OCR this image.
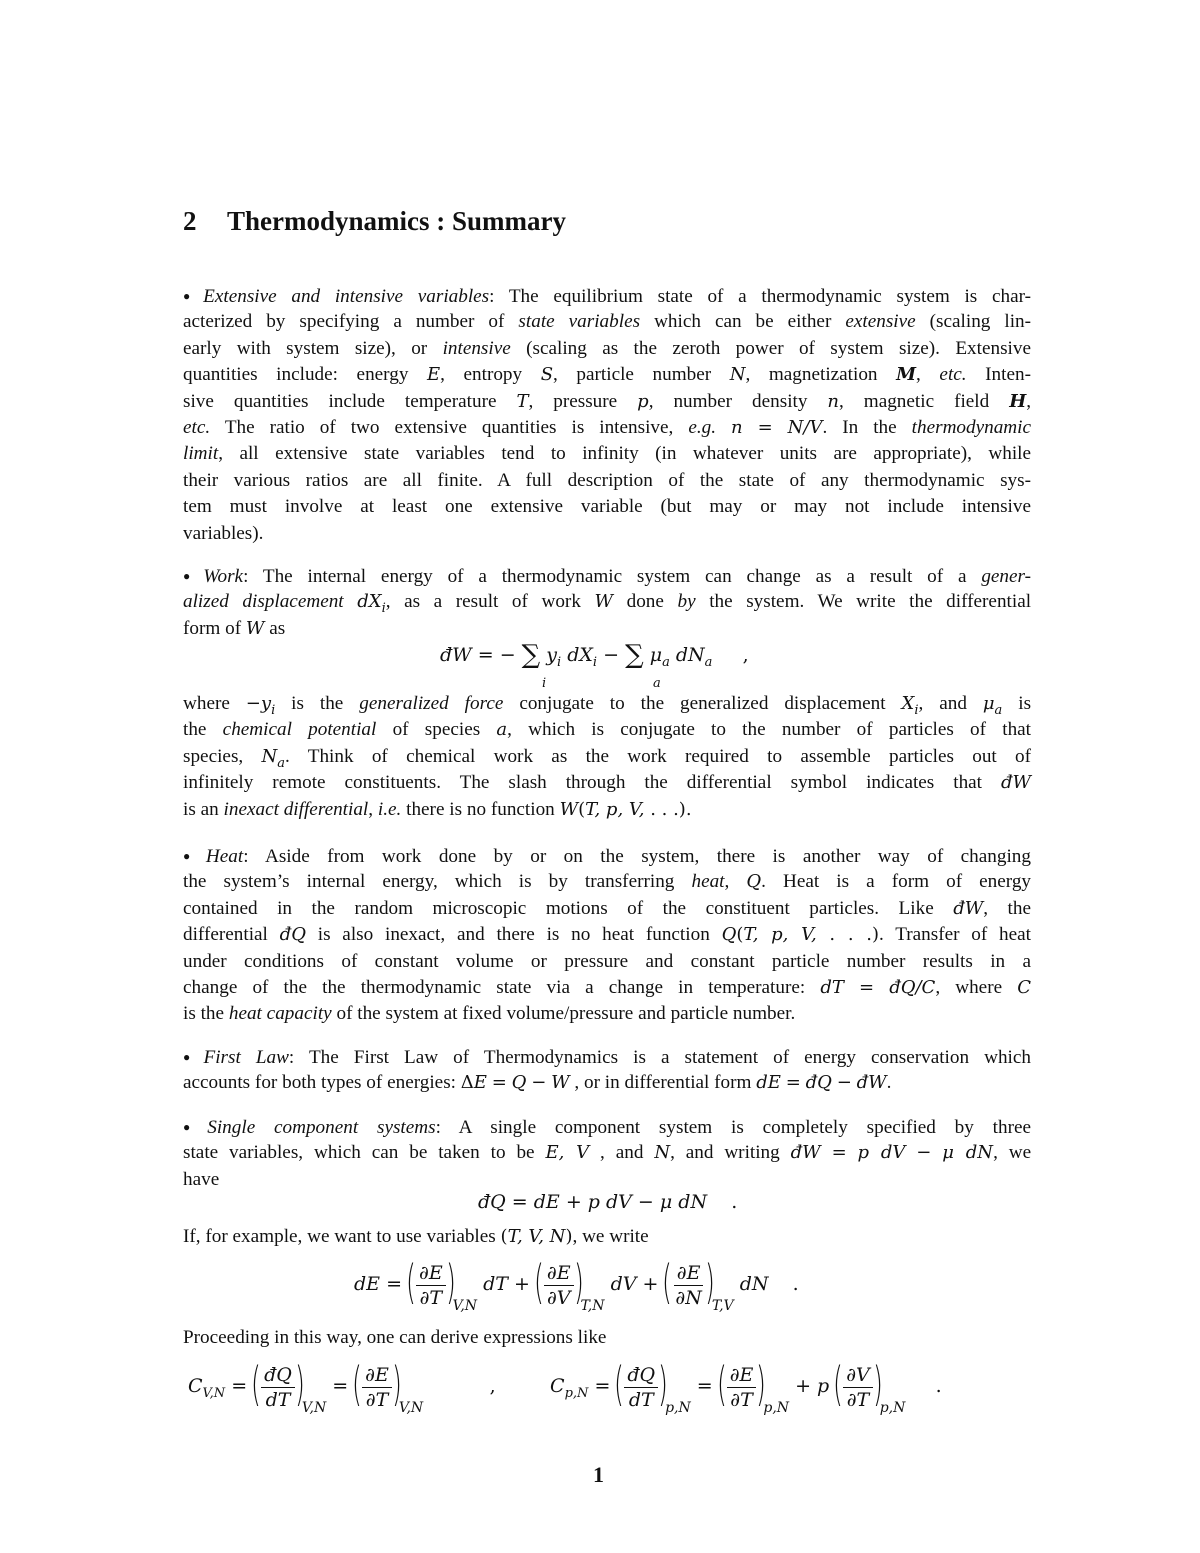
2 Thermodynamics : Summary
● Extensive and intensive variables: The equilibrium state of a thermodynamic system is char-
acterized by specifying a number of state variables which can be either extensive (scaling lin-
early with system size), or intensive (scaling as the zeroth power of system size). Extensive
quantities include: energy E, entropy S, particle number N, magnetization M, etc. Inten-
sive quantities include temperature T, pressure p, number density n, magnetic field H,
etc. The ratio of two extensive quantities is intensive, e.g. n = N/V. In the thermodynamic
limit, all extensive state variables tend to infinity (in whatever units are appropriate), while
their various ratios are all finite. A full description of the state of any thermodynamic sys-
tem must involve at least one extensive variable (but may or may not include intensive
variables).
● Work: The internal energy of a thermodynamic system can change as a result of a gener-
alized displacement $dX_i$, as a result of work W done by the system. We write the differential
form of W as
đW = − ∑ $y_i$ $dX_i$ − ∑ $\mu_a$ $dN_a$     ,
i	a
where $-y_i$ is the generalized force conjugate to the generalized displacement $X_i$, and $\mu_a$ is
the chemical potential of species a, which is conjugate to the number of particles of that
species, $N_a$. Think of chemical work as the work required to assemble particles out of
infinitely remote constituents. The slash through the differential symbol indicates that đW
is an inexact differential, i.e. there is no function W(T, p, V, . . .).
● Heat: Aside from work done by or on the system, there is another way of changing
the system’s internal energy, which is by transferring heat, Q. Heat is a form of energy
contained in the random microscopic motions of the constituent particles. Like đW, the
differential đQ is also inexact, and there is no heat function Q(T, p, V, . . .). Transfer of heat
under conditions of constant volume or pressure and constant particle number results in a
change of the the thermodynamic state via a change in temperature: dT = đQ/C, where C
is the heat capacity of the system at fixed volume/pressure and particle number.
● First Law: The First Law of Thermodynamics is a statement of energy conservation which
accounts for both types of energies: ΔE = Q − W , or in differential form dE = đQ − đW.
● Single component systems: A single component system is completely specified by three
state variables, which can be taken to be E, V , and N, and writing đW = p dV − μ dN, we
have
đQ = dE + p dV − μ dN    .
If, for example, we want to use variables (T, V, N), we write
dE = ( $\frac{\partial E}{\partial T} )_{V,N}$ dT + ( $\frac{\partial E}{\partial V} )_{T,N}$ dV + ( $\frac{\partial E}{\partial N} )_{T,V}$ dN    .
Proceeding in this way, one can derive expressions like
$C_{V,N}$ = ( $\frac{đQ}{dT} )_{V,N}$ = ( $\frac{\partial E}{\partial T} )_{V,N}$           ,         $C_{p,N}$ = ( $\frac{đQ}{dT} )_{p,N}$ = ( $\frac{\partial E}{\partial T} )_{p,N} + p$ ( $\frac{\partial V}{\partial T} )_{p,N}$     .
1
